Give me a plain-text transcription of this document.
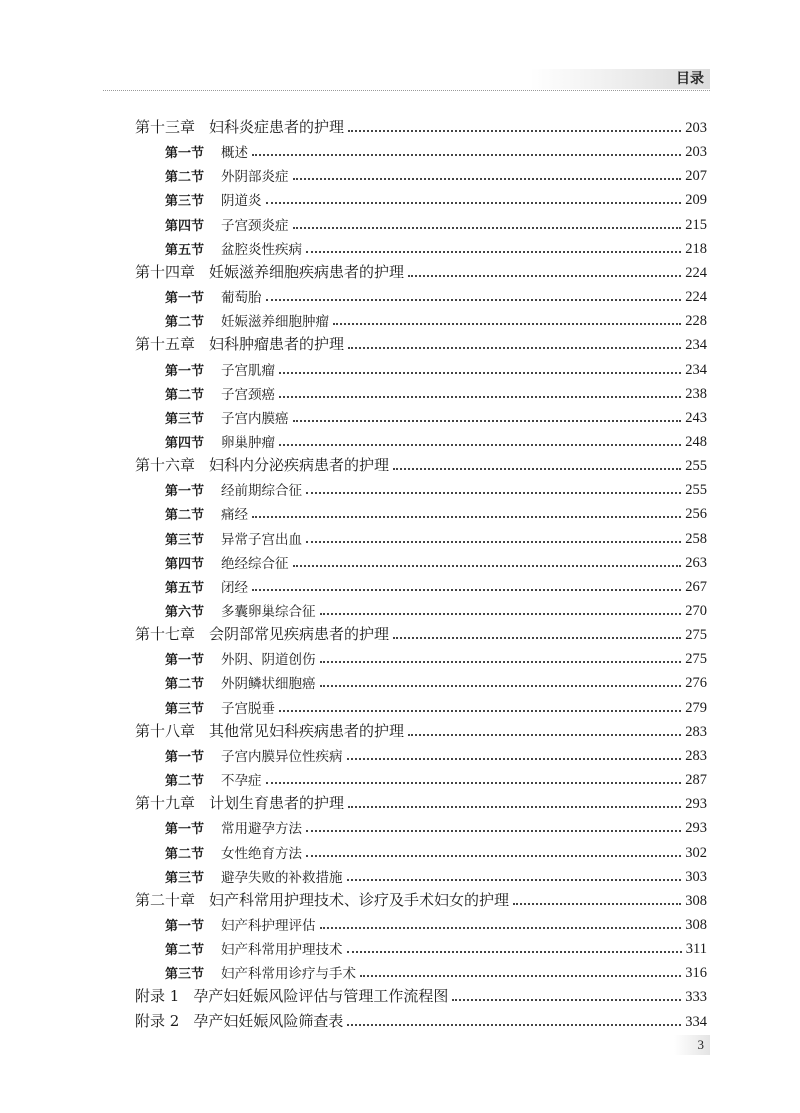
目录
第十三章 妇科炎症患者的护理	203
第一节 概述	203
第二节 外阴部炎症	207
第三节 阴道炎	209
第四节 子宫颈炎症	215
第五节 盆腔炎性疾病	218
第十四章 妊娠滋养细胞疾病患者的护理	224
第一节 葡萄胎	224
第二节 妊娠滋养细胞肿瘤	228
第十五章 妇科肿瘤患者的护理	234
第一节 子宫肌瘤	234
第二节 子宫颈癌	238
第三节 子宫内膜癌	243
第四节 卵巢肿瘤	248
第十六章 妇科内分泌疾病患者的护理	255
第一节 经前期综合征	255
第二节 痛经	256
第三节 异常子宫出血	258
第四节 绝经综合征	263
第五节 闭经	267
第六节 多囊卵巢综合征	270
第十七章 会阴部常见疾病患者的护理	275
第一节 外阴、阴道创伤	275
第二节 外阴鳞状细胞癌	276
第三节 子宫脱垂	279
第十八章 其他常见妇科疾病患者的护理	283
第一节 子宫内膜异位性疾病	283
第二节 不孕症	287
第十九章 计划生育患者的护理	293
第一节 常用避孕方法	293
第二节 女性绝育方法	302
第三节 避孕失败的补救措施	303
第二十章 妇产科常用护理技术、诊疗及手术妇女的护理	308
第一节 妇产科护理评估	308
第二节 妇产科常用护理技术	311
第三节 妇产科常用诊疗与手术	316
附录 1 孕产妇妊娠风险评估与管理工作流程图	333
附录 2 孕产妇妊娠风险筛查表	334
3
